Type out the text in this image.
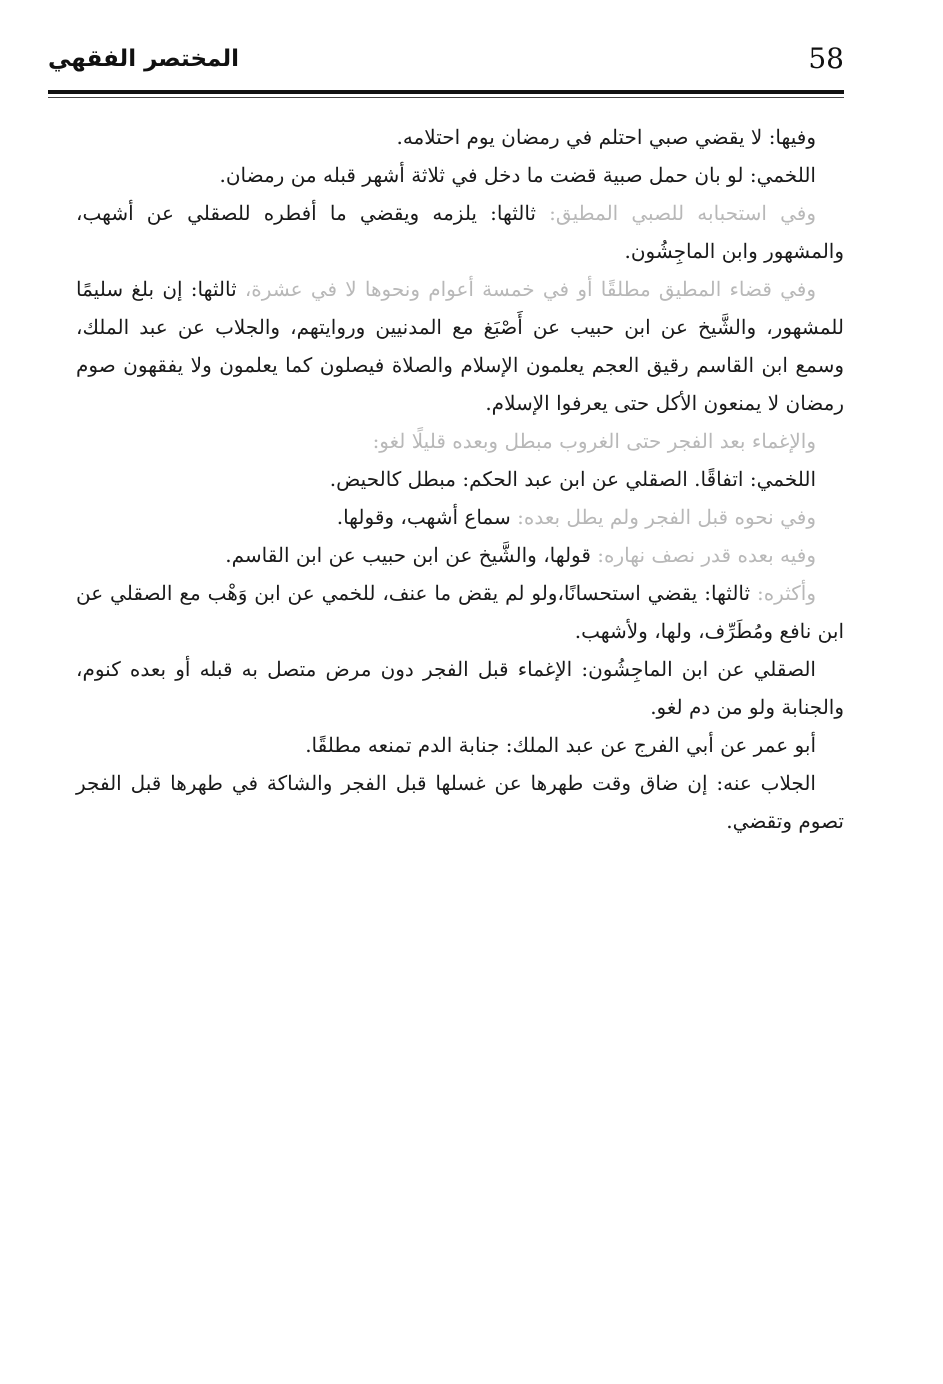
58
المختصر الفقهي

وفيها: لا يقضي صبي احتلم في رمضان يوم احتلامه.

اللخمي: لو بان حمل صبية قضت ما دخل في ثلاثة أشهر قبله من رمضان.

وفي استحبابه للصبي المطيق: ثالثها: يلزمه ويقضي ما أفطره للصقلي عن أشهب، والمشهور وابن الماجِشُون.

وفي قضاء المطيق مطلقًا أو في خمسة أعوام ونحوها لا في عشرة، ثالثها: إن بلغ سليمًا للمشهور، والشَّيخ عن ابن حبيب عن أَصْبَغ مع المدنيين وروايتهم، والجلاب عن عبد الملك، وسمع ابن القاسم رقيق العجم يعلمون الإسلام والصلاة فيصلون كما يعلمون ولا يفقهون صوم رمضان لا يمنعون الأكل حتى يعرفوا الإسلام.

والإغماء بعد الفجر حتى الغروب مبطل وبعده قليلًا لغو:

اللخمي: اتفاقًا. الصقلي عن ابن عبد الحكم: مبطل كالحيض.

وفي نحوه قبل الفجر ولم يطل بعده: سماع أشهب، وقولها.

وفيه بعده قدر نصف نهاره: قولها، والشَّيخ عن ابن حبيب عن ابن القاسم.

وأكثره: ثالثها: يقضي استحسانًا،ولو لم يقض ما عنف، للخمي عن ابن وَهْب مع الصقلي عن ابن نافع ومُطَرِّف، ولها، ولأشهب.

الصقلي عن ابن الماجِشُون: الإغماء قبل الفجر دون مرض متصل به قبله أو بعده كنوم، والجنابة ولو من دم لغو.

أبو عمر عن أبي الفرج عن عبد الملك: جنابة الدم تمنعه مطلقًا.

الجلاب عنه: إن ضاق وقت طهرها عن غسلها قبل الفجر والشاكة في طهرها قبل الفجر تصوم وتقضي.
